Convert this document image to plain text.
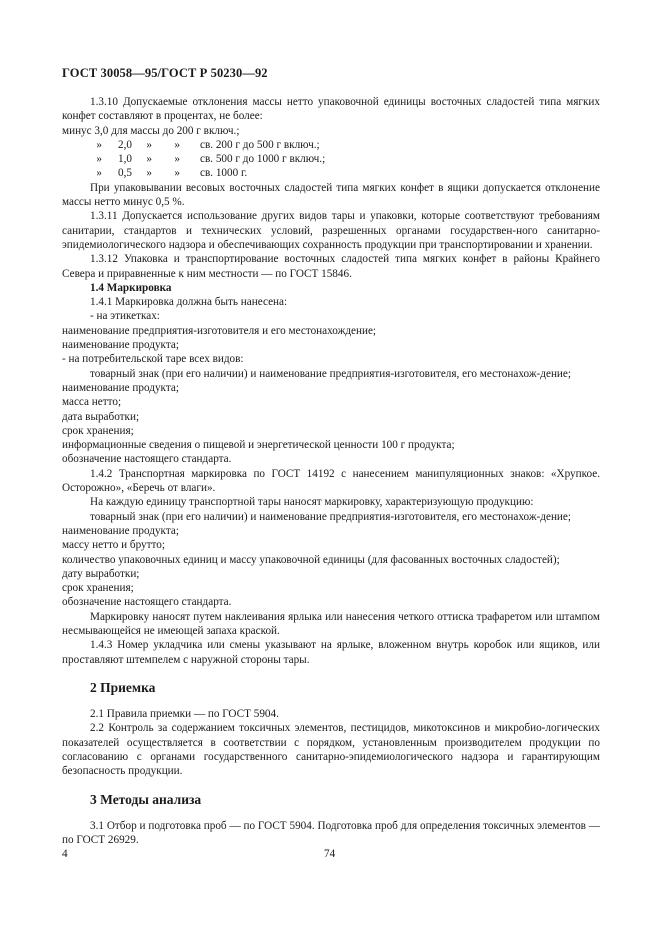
ГОСТ 30058—95/ГОСТ Р 50230—92

1.3.10 Допускаемые отклонения массы нетто упаковочной единицы восточных сладостей типа мягких конфет составляют в процентах, не более:

минус 3,0 для массы до 200 г включ.;

» 2,0 » » св. 200 г до 500 г включ.;
» 1,0 » » св. 500 г до 1000 г включ.;
» 0,5 » » св. 1000 г.

При упаковывании весовых восточных сладостей типа мягких конфет в ящики допускается отклонение массы нетто минус 0,5 %.

1.3.11 Допускается использование других видов тары и упаковки, которые соответствуют требованиям санитарии, стандартов и технических условий, разрешенных органами государствен-ного санитарно-эпидемиологического надзора и обеспечивающих сохранность продукции при транспортировании и хранении.

1.3.12 Упаковка и транспортирование восточных сладостей типа мягких конфет в районы Крайнего Севера и приравненные к ним местности — по ГОСТ 15846.

1.4 Маркировка

1.4.1 Маркировка должна быть нанесена:

- на этикетках:

наименование предприятия-изготовителя и его местонахождение;

наименование продукта;

- на потребительской таре всех видов:

товарный знак (при его наличии) и наименование предприятия-изготовителя, его местонахож-дение;

наименование продукта;

масса нетто;

дата выработки;

срок хранения;

информационные сведения о пищевой и энергетической ценности 100 г продукта;

обозначение настоящего стандарта.

1.4.2 Транспортная маркировка по ГОСТ 14192 с нанесением манипуляционных знаков: «Хрупкое. Осторожно», «Беречь от влаги».

На каждую единицу транспортной тары наносят маркировку, характеризующую продукцию:

товарный знак (при его наличии) и наименование предприятия-изготовителя, его местонахож-дение;

наименование продукта;

массу нетто и брутто;

количество упаковочных единиц и массу упаковочной единицы (для фасованных восточных сладостей);

дату выработки;

срок хранения;

обозначение настоящего стандарта.

Маркировку наносят путем наклеивания ярлыка или нанесения четкого оттиска трафаретом или штампом несмывающейся не имеющей запаха краской.

1.4.3 Номер укладчика или смены указывают на ярлыке, вложенном внутрь коробок или ящиков, или проставляют штемпелем с наружной стороны тары.

2 Приемка

2.1 Правила приемки — по ГОСТ 5904.

2.2 Контроль за содержанием токсичных элементов, пестицидов, микотоксинов и микробио-логических показателей осуществляется в соответствии с порядком, установленным производителем продукции по согласованию с органами государственного санитарно-эпидемиологического надзора и гарантирующим безопасность продукции.

3 Методы анализа

3.1 Отбор и подготовка проб — по ГОСТ 5904. Подготовка проб для определения токсичных элементов — по ГОСТ 26929.

4	74
